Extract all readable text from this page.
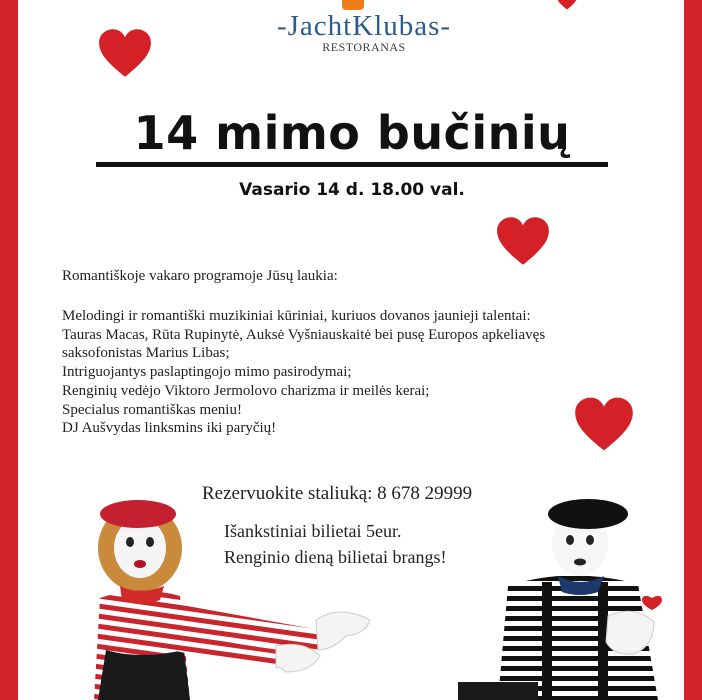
-JachtKlubas-
RESTORANAS
14 mimo bučinių
Vasario 14 d. 18.00 val.
Romantiškoje vakaro programoje Jūsų laukia:
Melodingi ir romantiški muzikiniai kūriniai, kuriuos dovanos jaunieji talentai:
Tauras Macas, Rūta Rupinytė, Auksė Vyšniauskaitė bei pusę Europos apkeliavęs
saksofonistas Marius Libas;
Intriguojantys paslaptingojo mimo pasirodymai;
Renginių vedėjo Viktoro Jermolovo charizma ir meilės kerai;
Specialus romantiškas meniu!
DJ Aušvydas linksmins iki paryčių!
Rezervuokite staliuką: 8 678 29999
Išankstiniai bilietai 5eur.
Renginio dieną bilietai brangs!
